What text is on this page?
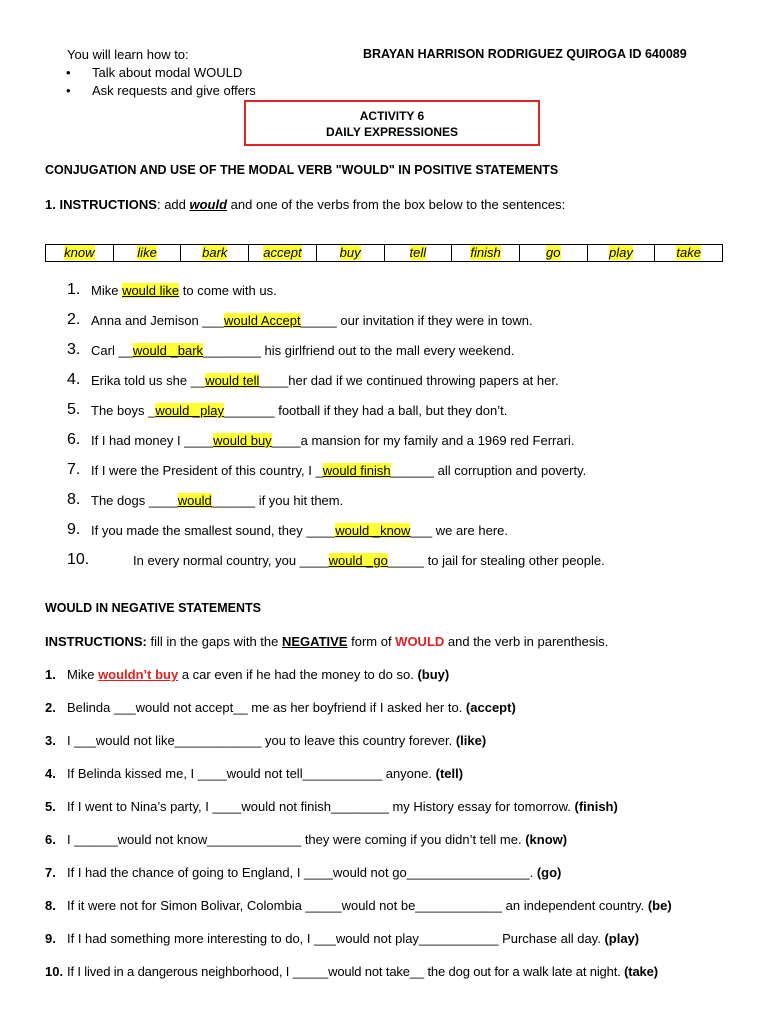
You will learn how to:
• Talk about modal WOULD
• Ask requests and give offers
BRAYAN HARRISON RODRIGUEZ QUIROGA ID 640089
ACTIVITY 6
DAILY EXPRESSIONES
CONJUGATION AND USE OF THE MODAL VERB "WOULD" IN POSITIVE STATEMENTS
1. INSTRUCTIONS: add would and one of the verbs from the box below to the sentences:
know	like	bark	accept	buy	tell	finish	go	play	take
1. Mike would like to come with us.
2. Anna and Jemison ___would Accept_____ our invitation if they were in town.
3. Carl __would _bark________ his girlfriend out to the mall every weekend.
4. Erika told us she __would tell____her dad if we continued throwing papers at her.
5. The boys _would _play_______ football if they had a ball, but they don’t.
6. If I had money I ____would buy____a mansion for my family and a 1969 red Ferrari.
7. If I were the President of this country, I _would finish______ all corruption and poverty.
8. The dogs ____would______ if you hit them.
9. If you made the smallest sound, they ____would _know___ we are here.
10.	In every normal country, you ____would _go_____ to jail for stealing other people.
WOULD IN NEGATIVE STATEMENTS
INSTRUCTIONS: fill in the gaps with the NEGATIVE form of WOULD and the verb in parenthesis.
1. Mike wouldn’t buy a car even if he had the money to do so. (buy)
2. Belinda ___would not accept__ me as her boyfriend if I asked her to. (accept)
3. I ___would not like____________ you to leave this country forever. (like)
4. If Belinda kissed me, I ____would not tell___________ anyone. (tell)
5. If I went to Nina’s party, I ____would not finish________ my History essay for tomorrow. (finish)
6. I ______would not know_____________ they were coming if you didn’t tell me. (know)
7. If I had the chance of going to England, I ____would not go_________________. (go)
8. If it were not for Simon Bolivar, Colombia _____would not be____________ an independent country. (be)
9. If I had something more interesting to do, I ___would not play___________ Purchase all day. (play)
10. If I lived in a dangerous neighborhood, I _____would not take__ the dog out for a walk late at night. (take)
